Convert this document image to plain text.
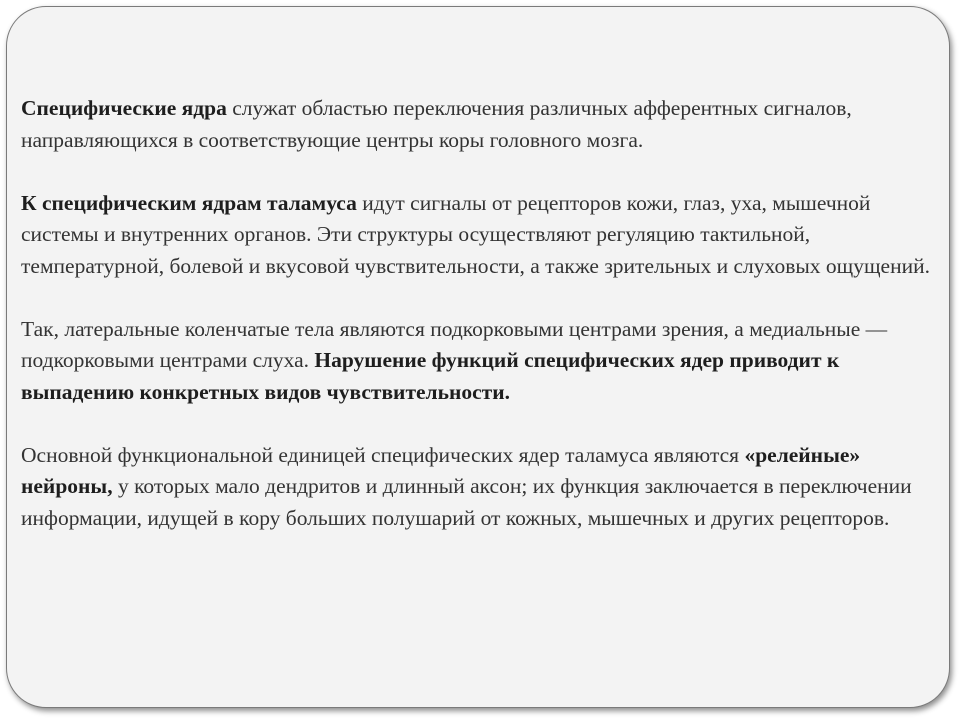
Специфические ядра служат областью переключения различных афферентных сигналов, направляющихся в соответствующие центры коры головного мозга.

К специфическим ядрам таламуса идут сигналы от рецепторов кожи, глаз, уха, мышечной системы и внутренних органов. Эти структуры осуществляют регуляцию тактильной, температурной, болевой и вкусовой чувствительности, а также зрительных и слуховых ощущений.

Так, латеральные коленчатые тела являются подкорковыми центрами зрения, а медиальные — подкорковыми центрами слуха. Нарушение функций специфических ядер приводит к выпадению конкретных видов чувствительности.

Основной функциональной единицей специфических ядер таламуса являются «релейные» нейроны, у которых мало дендритов и длинный аксон; их функция заключается в переключении информации, идущей в кору больших полушарий от кожных, мышечных и других рецепторов.
